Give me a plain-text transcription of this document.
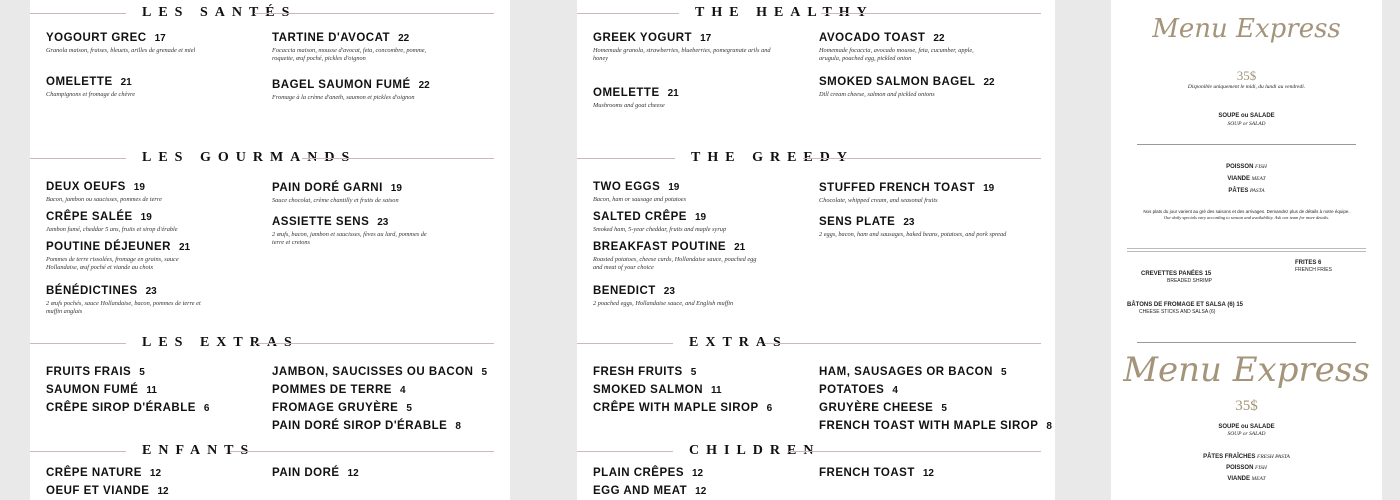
LES SANTÉS
YOGOURT GREC 17
Granola maison, fraises, bleuets, arilles de grenade et miel
OMELETTE 21
Champignons et fromage de chèvre
TARTINE D'AVOCAT 22
Focaccia maison, mousse d'avocat, feta, concombre, pomme, roquette, œuf poché, pickles d'oignon
BAGEL SAUMON FUMÉ 22
Fromage à la crème d'aneth, saumon et pickles d'oignon
LES GOURMANDS
DEUX OEUFS 19
Bacon, jambon ou saucisses, pommes de terre
CRÊPE SALÉE 19
Jambon fumé, cheddar 5 ans, fruits et sirop d'érable
POUTINE DÉJEUNER 21
Pommes de terre rissolées, fromage en grains, sauce Hollandaise, œuf poché et viande au choix
BÉNÉDICTINES 23
2 œufs pochés, sauce Hollandaise, bacon, pommes de terre et muffin anglais
PAIN DORÉ GARNI 19
Sauce chocolat, crème chantilly et fruits de saison
ASSIETTE SENS 23
2 œufs, bacon, jambon et saucisses, fèves au lard, pommes de terre et cretons
LES EXTRAS
FRUITS FRAIS 5
SAUMON FUMÉ 11
CRÊPE SIROP D'ÉRABLE 6
JAMBON, SAUCISSES OU BACON 5
POMMES DE TERRE 4
FROMAGE GRUYÈRE 5
PAIN DORÉ SIROP D'ÉRABLE 8
ENFANTS
CRÊPE NATURE 12
OEUF ET VIANDE 12
PAIN DORÉ 12
THE HEALTHY
GREEK YOGURT 17
Homemade granola, strawberries, blueberries, pomegranate arils and honey
OMELETTE 21
Mushrooms and goat cheese
AVOCADO TOAST 22
Homemade focaccia, avocado mousse, feta, cucumber, apple, arugula, poached egg, pickled onion
SMOKED SALMON BAGEL 22
Dill cream cheese, salmon and pickled onions
THE GREEDY
TWO EGGS 19
Bacon, ham or sausage and potatoes
SALTED CRÊPE 19
Smoked ham, 5-year cheddar, fruits and maple syrup
BREAKFAST POUTINE 21
Roasted potatoes, cheese curds, Hollandaise sauce, poached egg and meat of your choice
BENEDICT 23
2 poached eggs, Hollandaise sauce, and English muffin
STUFFED FRENCH TOAST 19
Chocolate, whipped cream, and seasonal fruits
SENS PLATE 23
2 eggs, bacon, ham and sausages, baked beans, potatoes, and pork spread
EXTRAS
FRESH FRUITS 5
SMOKED SALMON 11
CRÊPE WITH MAPLE SIROP 6
HAM, SAUSAGES OR BACON 5
POTATOES 4
GRUYÈRE CHEESE 5
FRENCH TOAST WITH MAPLE SIROP 8
CHILDREN
PLAIN CRÊPES 12
EGG AND MEAT 12
FRENCH TOAST 12
Menu Express
35$
Disponible uniquement le midi, du lundi au vendredi.
SOUPE ou SALADE
SOUP or SALAD
POISSON FISH
VIANDE MEAT
PÂTES PASTA
Nos plats du jour varient au gré des saisons et des arrivages. Demandez plus de détails à notre équipe.
Our daily specials vary according to season and availability. Ask our team for more details.
CREVETTES PANÉES 15
BREADED SHRIMP
BÂTONS DE FROMAGE ET SALSA (6) 15
CHEESE STICKS AND SALSA (6)
FRITES 6
FRENCH FRIES
Menu Express
35$
SOUPE ou SALADE
SOUP or SALAD
PÂTES FRAÎCHES FRESH PASTA
POISSON FISH
VIANDE MEAT
